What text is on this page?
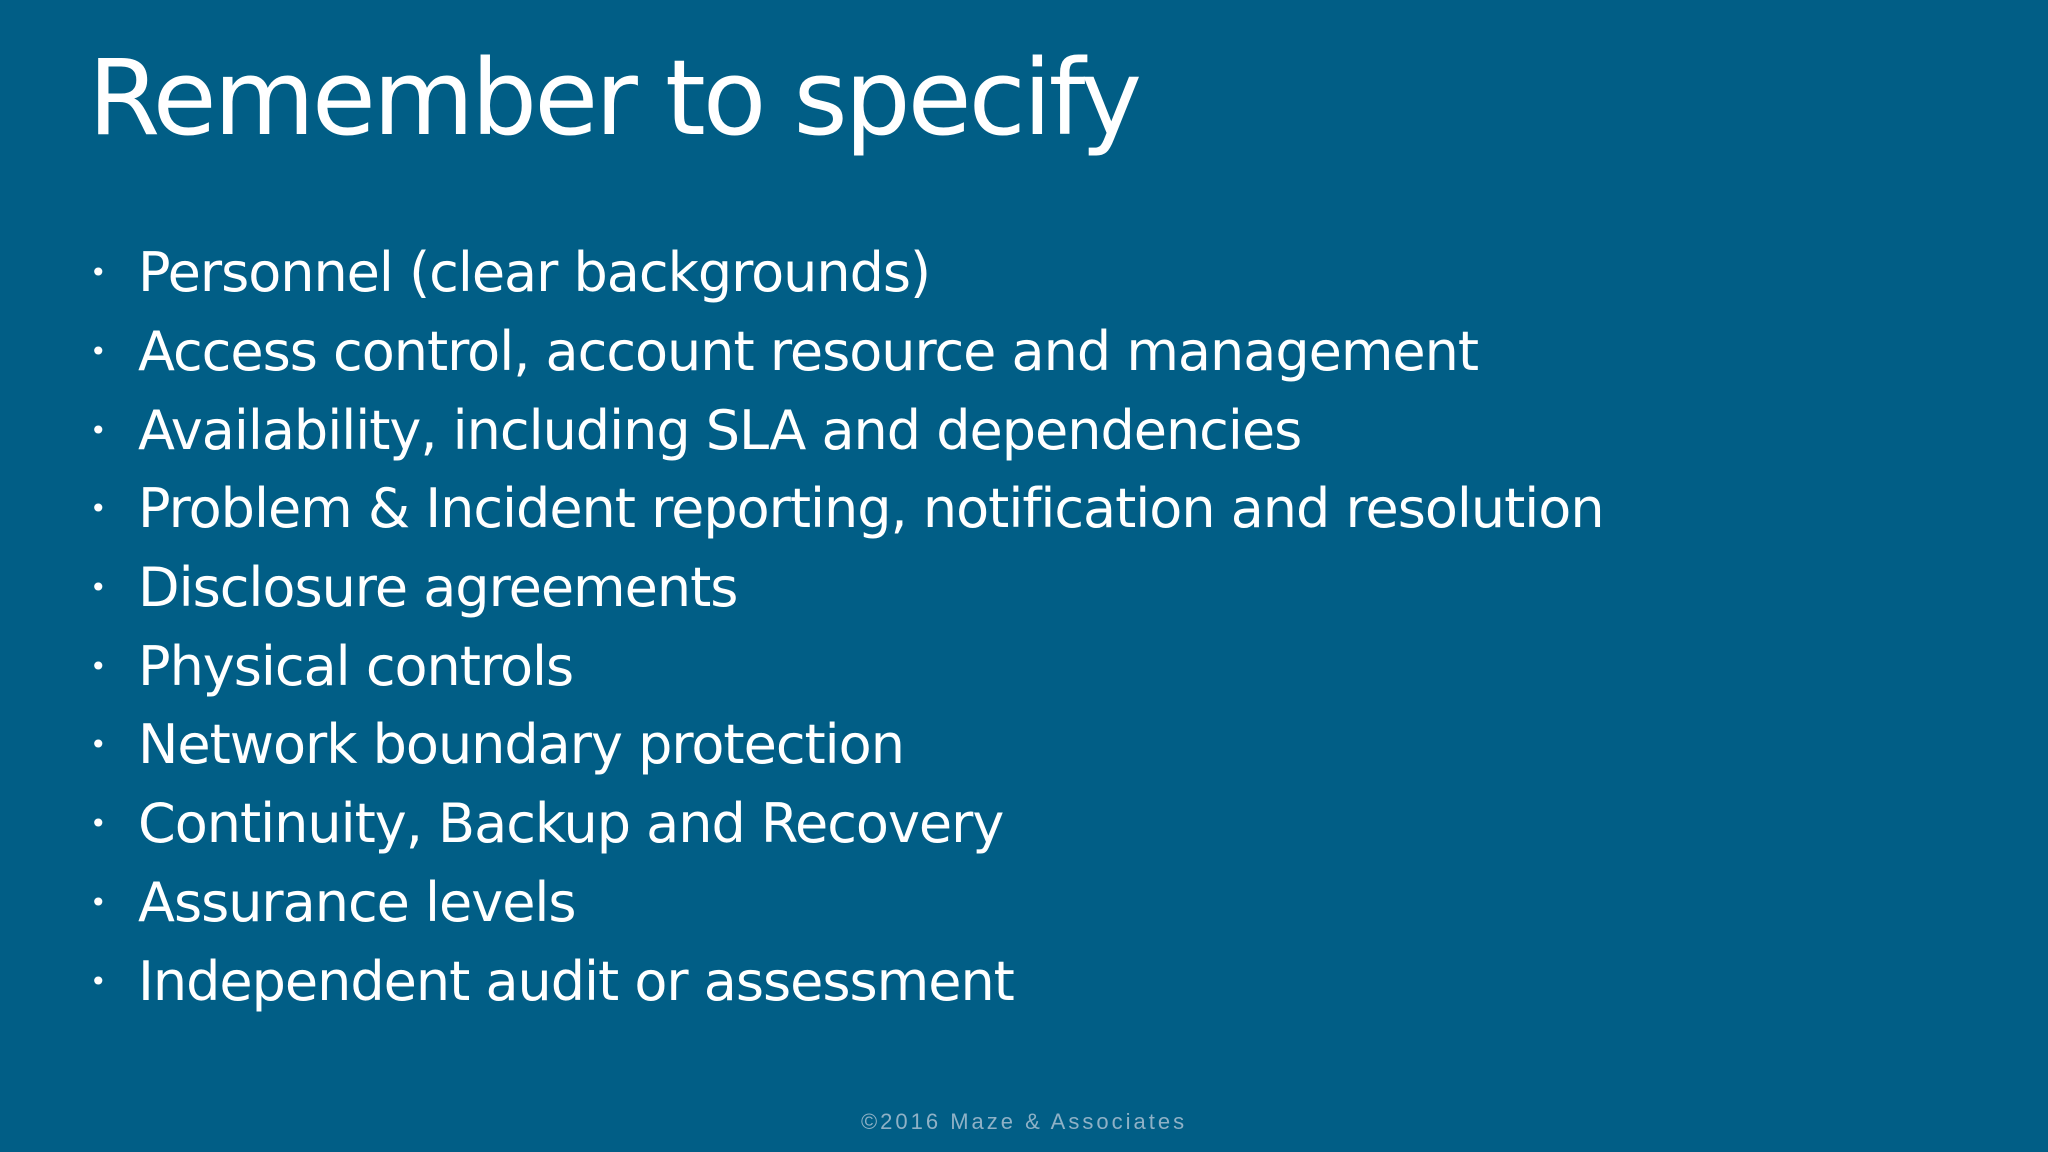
Remember to specify
• Personnel (clear backgrounds)
• Access control, account resource and management
• Availability, including SLA and dependencies
• Problem & Incident reporting, notification and resolution
• Disclosure agreements
• Physical controls
• Network boundary protection
• Continuity, Backup and Recovery
• Assurance levels
• Independent audit or assessment
©2016 Maze & Associates
